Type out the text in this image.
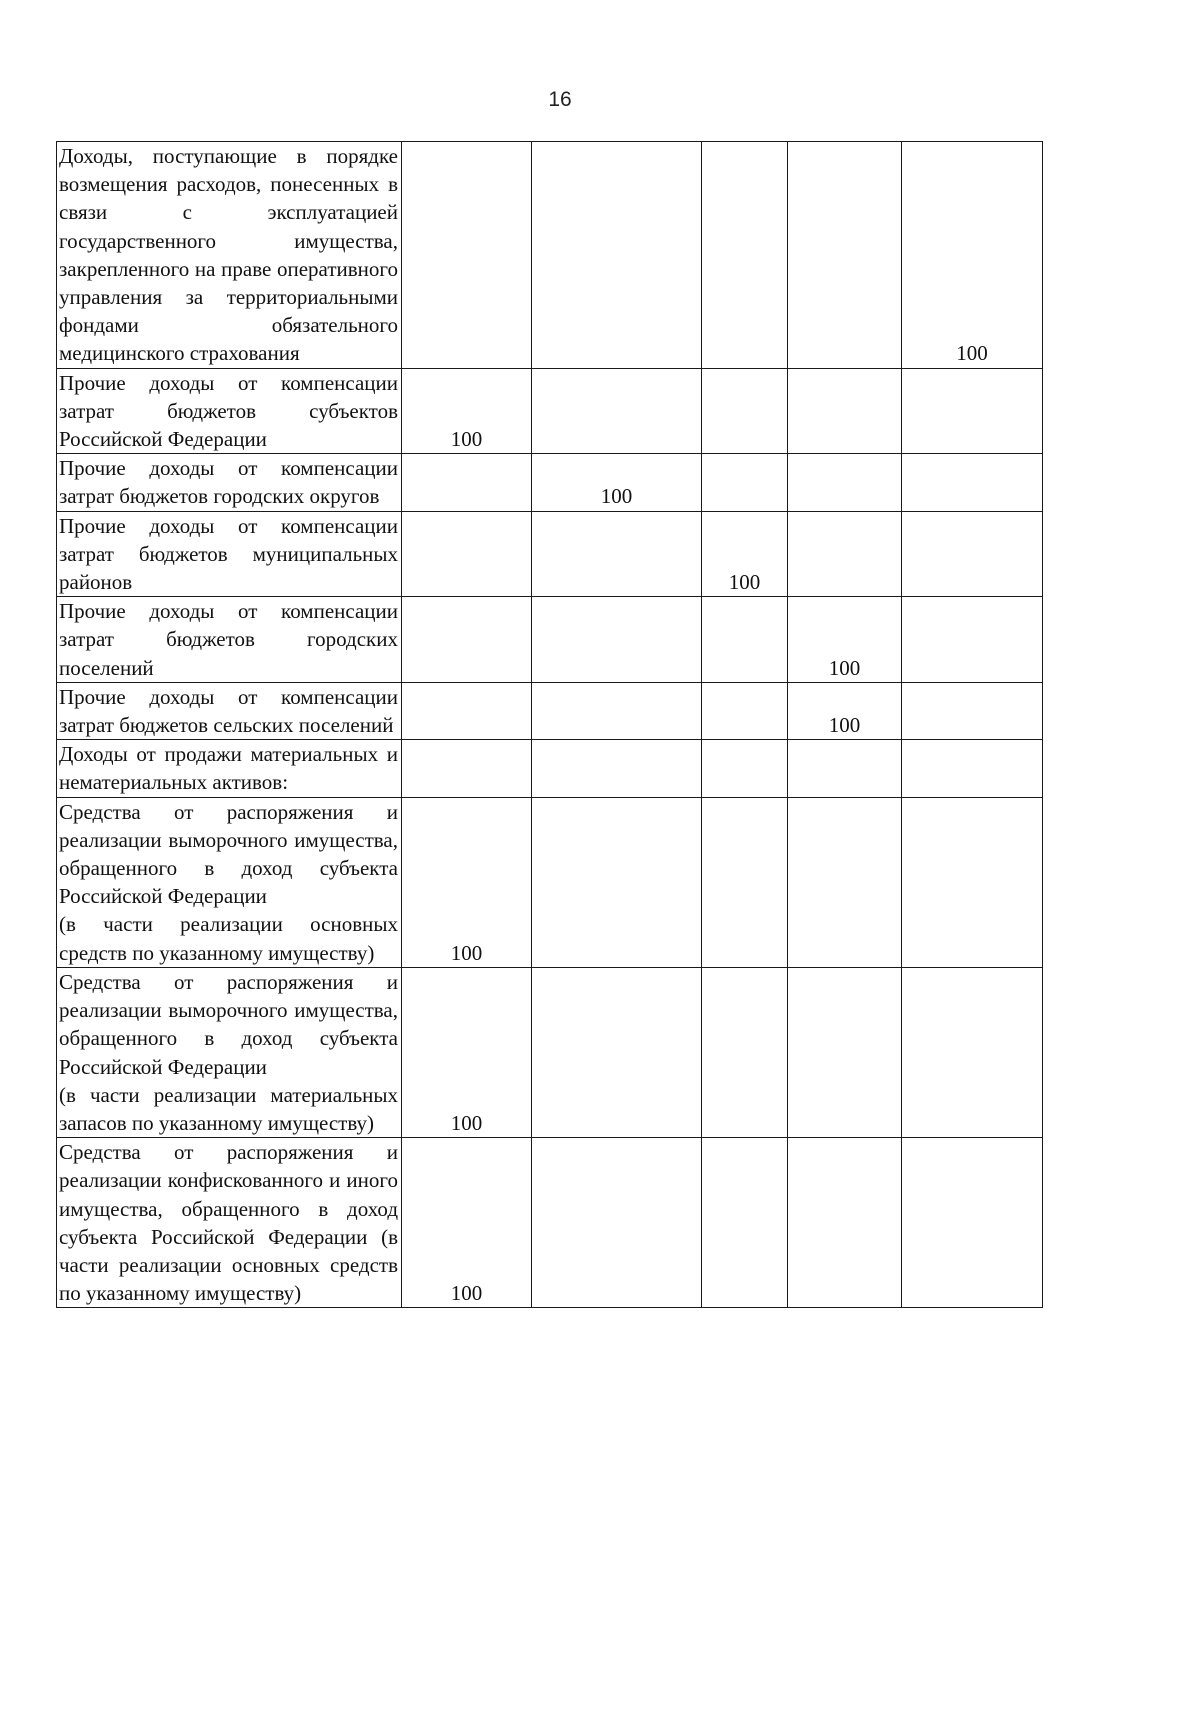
16
Доходы, поступающие в порядке возмещения расходов, понесенных в связи с эксплуатацией государственного имущества, закрепленного на праве оперативного управления за территориальными фондами обязательного медицинского страхования					100
Прочие доходы от компенсации затрат бюджетов субъектов Российской Федерации	100				
Прочие доходы от компенсации затрат бюджетов городских округов		100			
Прочие доходы от компенсации затрат бюджетов муниципальных районов			100		
Прочие доходы от компенсации затрат бюджетов городских поселений				100	
Прочие доходы от компенсации затрат бюджетов сельских поселений				100	
Доходы от продажи материальных и нематериальных активов:					
Средства от распоряжения и реализации выморочного имущества, обращенного в доход субъекта Российской Федерации
(в части реализации основных средств по указанному имуществу)	100				
Средства от распоряжения и реализации выморочного имущества, обращенного в доход субъекта Российской Федерации
(в части реализации материальных запасов по указанному имуществу)	100				
Средства от распоряжения и реализации конфискованного и иного имущества, обращенного в доход субъекта Российской Федерации (в части реализации основных средств по указанному имуществу)	100				
